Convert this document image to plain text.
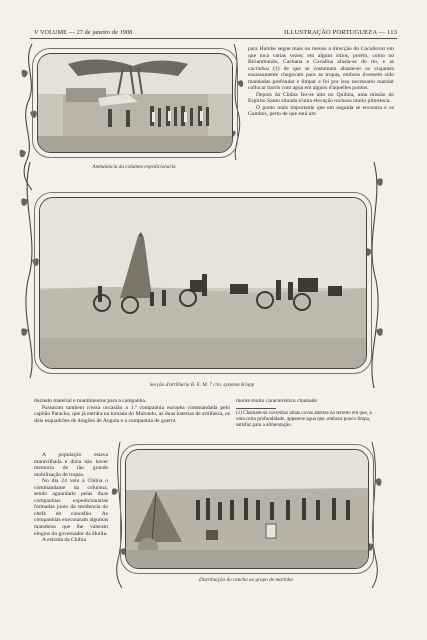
V VOLUME — 27 de janeiro de 1908	ILLUSTRAÇÃO PORTUGUEZA — 113
Ambulancia da columna expedicionaria

para Humbe segue mais ou menos a direcção do Cacullovar em que toca varias vezes; em alguns sitios, porém, como no Biriambundo, Cachana e Cavallua afasta-se do rio, e as cacimbas (1) de que se costumam abastecer os viajantes escassamente chegavam para as tropas, embora tivessem sido mandadas profundar e limpar e foi por isso necessario mandar collocar barris com agua em alguns d'aquelles pontos.

Depois da Chibia fez-se alto no Quihita, uma missão do Espirito Santo situada n'uma elevação rochosa muito pittoresca.

O ponto mais importante que em seguida se encontra é os Gambos, perto de que está um

Secção d'artilharia B. E. M. 7 c/m. systema Krupp

duzindo material e mantimentos para a campanha.

Passaram tambem n'essa occasião a 1.ª companhia europêa commandada pelo capitão Patacho, que já entrára na tomada do Mulondo, as duas baterias de artilheria, os dois esquadrões de dragões de Angola e a companhia de guerra.

monte muito caracteristico chamado

(1) Chamam-se cacimbas umas covas abertas no terreno em que, a uma certa profundidade, apparece agua que, embora pouco limpa, satisfaz para a alimentação.

A população estava maravilhada e dizia não haver memoria de tão grande mobilisação de tropas.

No dia 24 veiu á Chibia o commandante da columna, sendo aguardado pelas duas companhias expedicionarias formadas junto da residencia do chefe do concelho. As companhias executaram algumas manobras que lhe valeram elogios do governador da Huilla.

A estrada da Chibia

Distribuição do rancho ao grupo de marinha
